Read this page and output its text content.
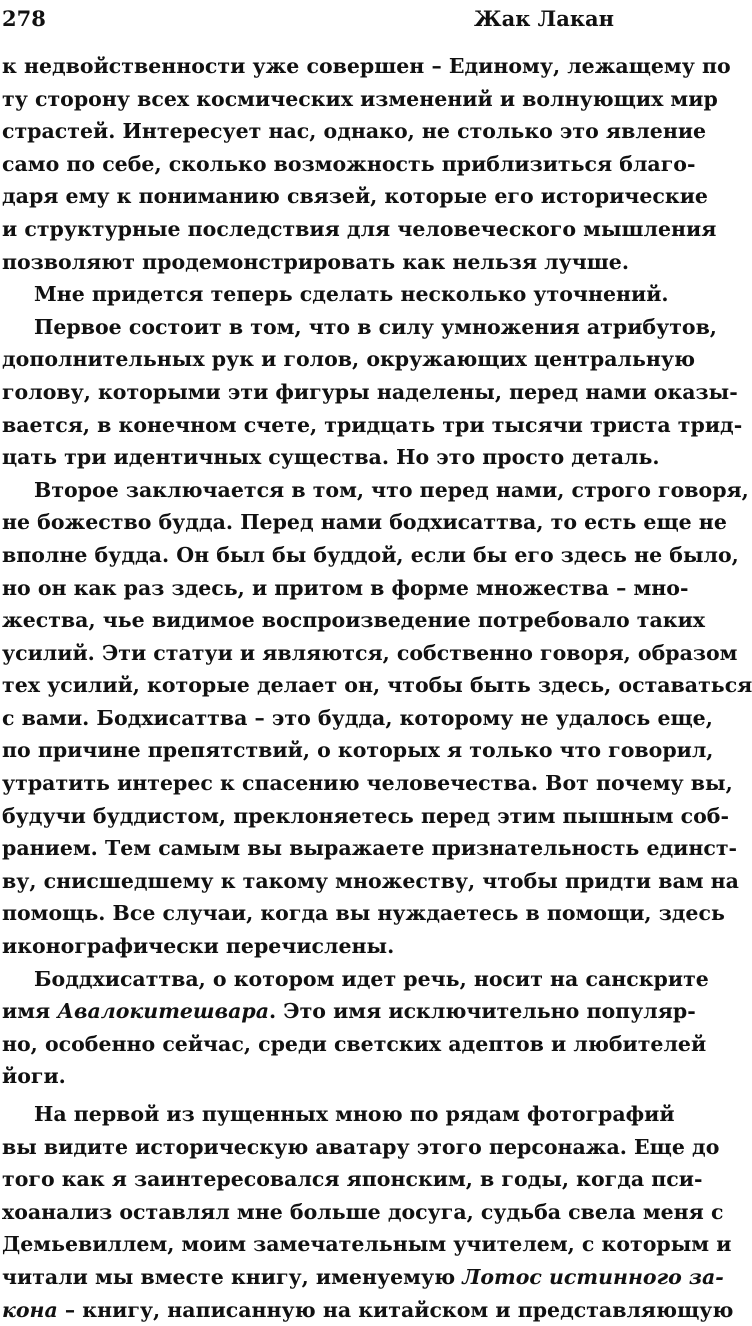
278	Жак Лакан
к недвойственности уже совершен – Единому, лежащему по
ту сторону всех космических изменений и волнующих мир
страстей. Интересует нас, однако, не столько это явление
само по себе, сколько возможность приблизиться благо-
даря ему к пониманию связей, которые его исторические
и структурные последствия для человеческого мышления
позволяют продемонстрировать как нельзя лучше.
Мне придется теперь сделать несколько уточнений.
Первое состоит в том, что в силу умножения атрибутов,
дополнительных рук и голов, окружающих центральную
голову, которыми эти фигуры наделены, перед нами оказы-
вается, в конечном счете, тридцать три тысячи триста трид-
цать три идентичных существа. Но это просто деталь.
Второе заключается в том, что перед нами, строго говоря,
не божество будда. Перед нами бодхисаттва, то есть еще не
вполне будда. Он был бы буддой, если бы его здесь не было,
но он как раз здесь, и притом в форме множества – мно-
жества, чье видимое воспроизведение потребовало таких
усилий. Эти статуи и являются, собственно говоря, образом
тех усилий, которые делает он, чтобы быть здесь, оставаться
с вами. Бодхисаттва – это будда, которому не удалось еще,
по причине препятствий, о которых я только что говорил,
утратить интерес к спасению человечества. Вот почему вы,
будучи буддистом, преклоняетесь перед этим пышным соб-
ранием. Тем самым вы выражаете признательность единст-
ву, снисшедшему к такому множеству, чтобы придти вам на
помощь. Все случаи, когда вы нуждаетесь в помощи, здесь
иконографически перечислены.
Боддхисаттва, о котором идет речь, носит на санскрите
имя Авалокитешвара. Это имя исключительно популяр-
но, особенно сейчас, среди светских адептов и любителей
йоги.
На первой из пущенных мною по рядам фотографий
вы видите историческую аватару этого персонажа. Еще до
того как я заинтересовался японским, в годы, когда пси-
хоанализ оставлял мне больше досуга, судьба свела меня с
Демьевиллем, моим замечательным учителем, с которым и
читали мы вместе книгу, именуемую Лотос истинного за-
кона – книгу, написанную на китайском и представляющую
